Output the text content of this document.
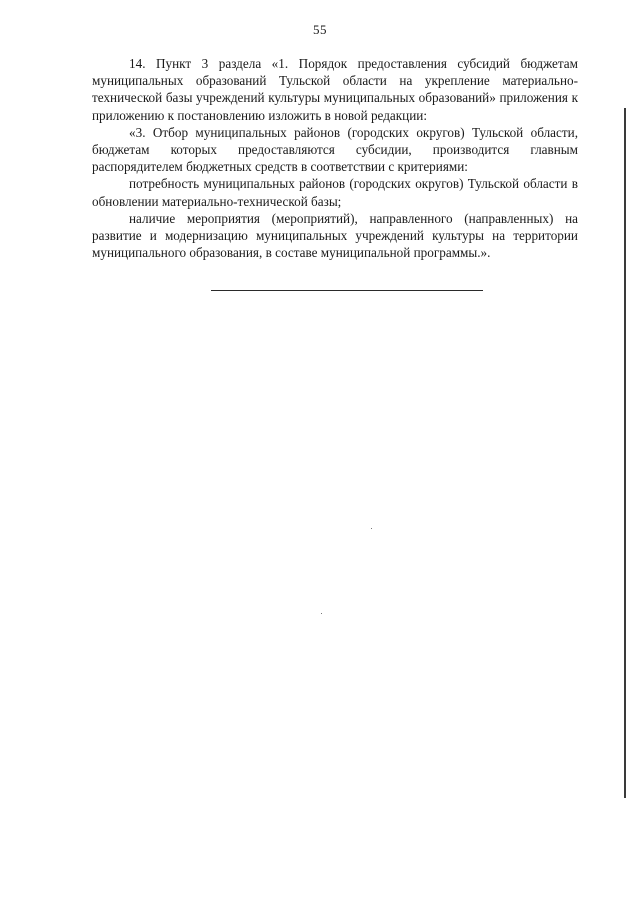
55

14. Пункт 3 раздела «1. Порядок предоставления субсидий бюджетам муниципальных образований Тульской области на укрепление материально-технической базы учреждений культуры муниципальных образований» приложения к приложению к постановлению изложить в новой редакции:

«3. Отбор муниципальных районов (городских округов) Тульской области, бюджетам которых предоставляются субсидии, производится главным распорядителем бюджетных средств в соответствии с критериями:

потребность муниципальных районов (городских округов) Тульской области в обновлении материально-технической базы;

наличие мероприятия (мероприятий), направленного (направленных) на развитие и модернизацию муниципальных учреждений культуры на территории муниципального образования, в составе муниципальной программы.».
